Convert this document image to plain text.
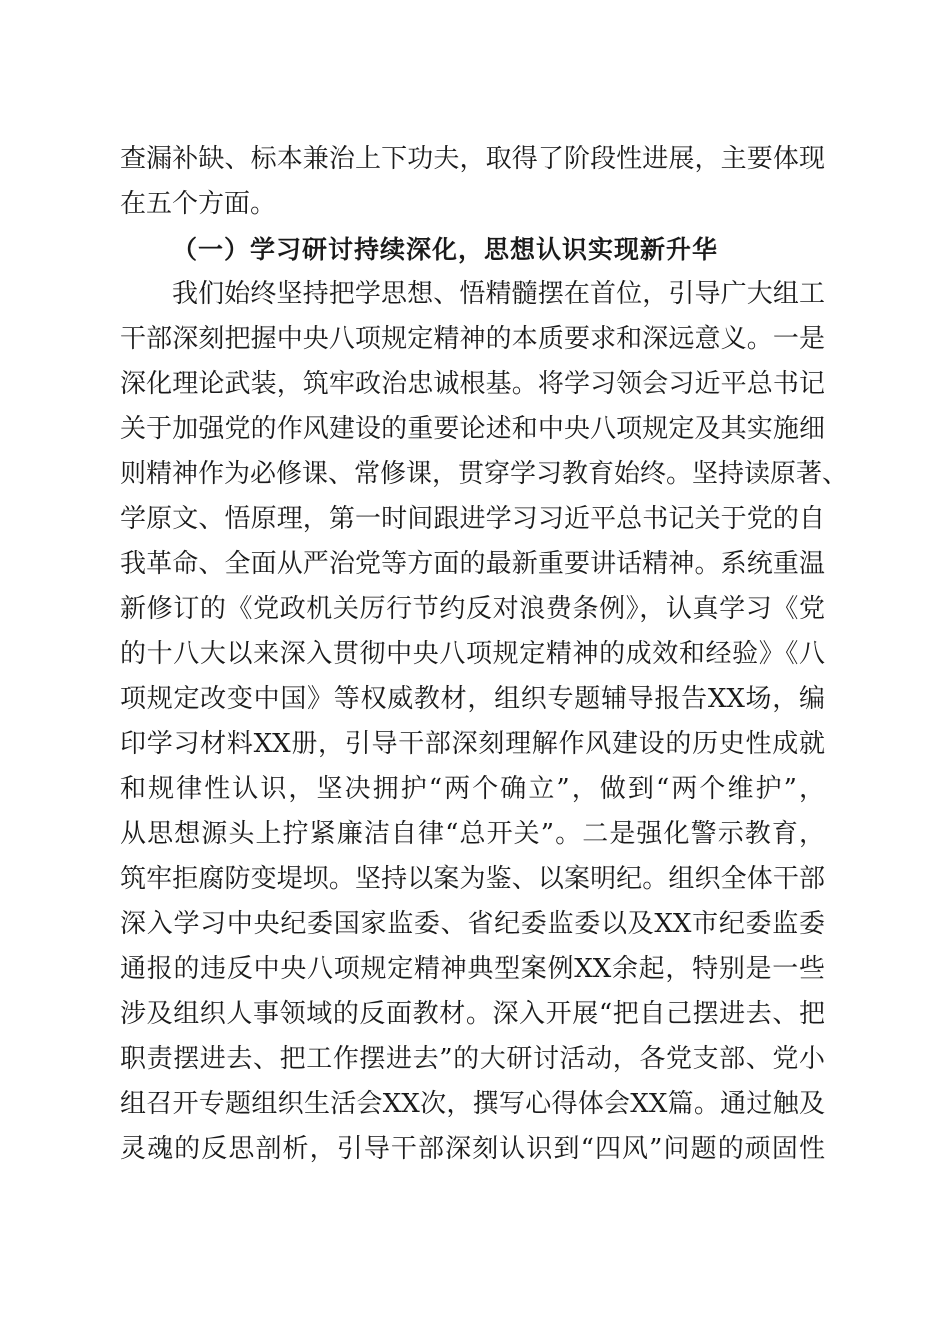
查漏补缺、标本兼治上下功夫，取得了阶段性进展，主要体现
在五个方面。
（一）学习研讨持续深化，思想认识实现新升华
我们始终坚持把学思想、悟精髓摆在首位，引导广大组工
干部深刻把握中央八项规定精神的本质要求和深远意义。一是
深化理论武装，筑牢政治忠诚根基。将学习领会习近平总书记
关于加强党的作风建设的重要论述和中央八项规定及其实施细
则精神作为必修课、常修课，贯穿学习教育始终。坚持读原著、
学原文、悟原理，第一时间跟进学习习近平总书记关于党的自
我革命、全面从严治党等方面的最新重要讲话精神。系统重温
新修订的《党政机关厉行节约反对浪费条例》，认真学习《党
的十八大以来深入贯彻中央八项规定精神的成效和经验》《八
项规定改变中国》等权威教材，组织专题辅导报告XX场，编
印学习材料XX册，引导干部深刻理解作风建设的历史性成就
和规律性认识，坚决拥护“两个确立”，做到“两个维护”，
从思想源头上拧紧廉洁自律“总开关”。二是强化警示教育，
筑牢拒腐防变堤坝。坚持以案为鉴、以案明纪。组织全体干部
深入学习中央纪委国家监委、省纪委监委以及XX市纪委监委
通报的违反中央八项规定精神典型案例XX余起，特别是一些
涉及组织人事领域的反面教材。深入开展“把自己摆进去、把
职责摆进去、把工作摆进去”的大研讨活动，各党支部、党小
组召开专题组织生活会XX次，撰写心得体会XX篇。通过触及
灵魂的反思剖析，引导干部深刻认识到“四风”问题的顽固性
